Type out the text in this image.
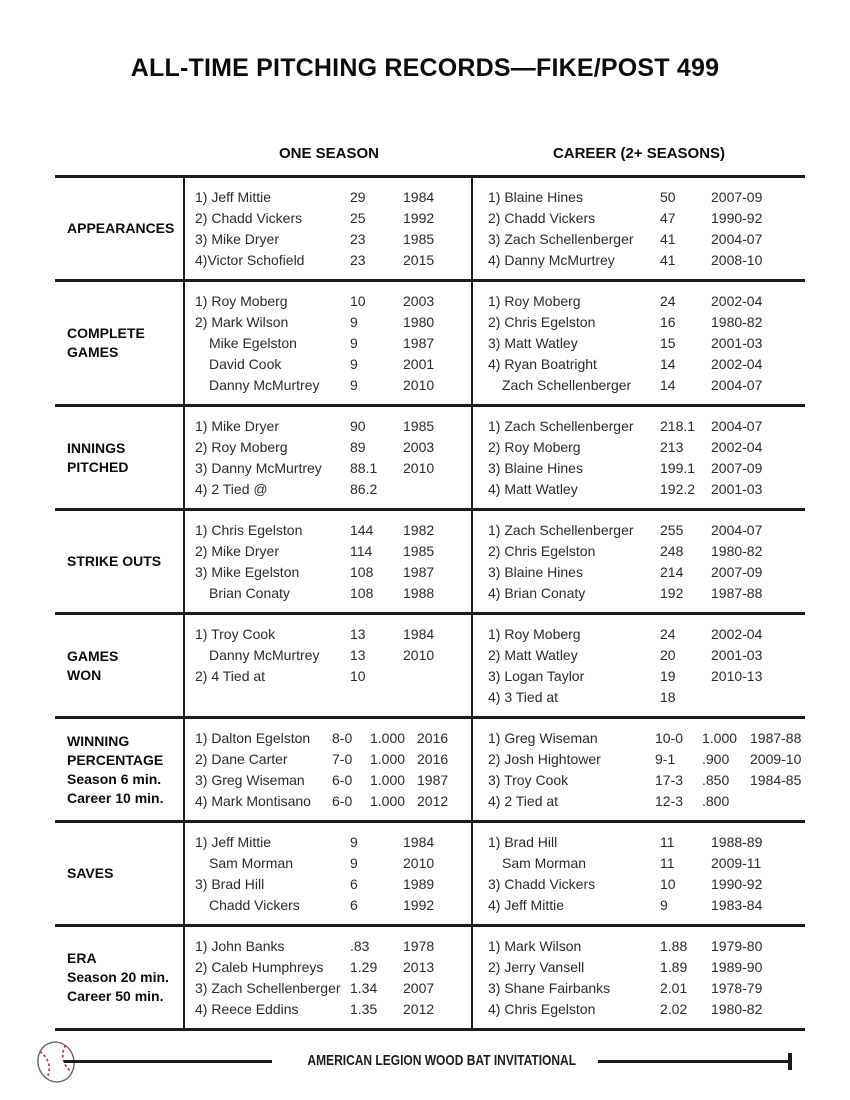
ALL-TIME PITCHING RECORDS—FIKE/POST 499
ONE SEASON	CAREER (2+ SEASONS)
APPEARANCES
1) Jeff Mittie	29	1984
2) Chadd Vickers	25	1992
3) Mike Dryer	23	1985
4)Victor Schofield	23	2015
1) Blaine Hines	50	2007-09
2) Chadd Vickers	47	1990-92
3) Zach Schellenberger	41	2004-07
4) Danny McMurtrey	41	2008-10
COMPLETE
GAMES
1) Roy Moberg	10	2003
2) Mark Wilson	9	1980
Mike Egelston	9	1987
David Cook	9	2001
Danny McMurtrey	9	2010
1) Roy Moberg	24	2002-04
2) Chris Egelston	16	1980-82
3) Matt Watley	15	2001-03
4) Ryan Boatright	14	2002-04
Zach Schellenberger	14	2004-07
INNINGS
PITCHED
1) Mike Dryer	90	1985
2) Roy Moberg	89	2003
3) Danny McMurtrey	88.1	2010
4) 2 Tied @	86.2
1) Zach Schellenberger	218.1	2004-07
2) Roy Moberg	213	2002-04
3) Blaine Hines	199.1	2007-09
4) Matt Watley	192.2	2001-03
STRIKE OUTS
1) Chris Egelston	144	1982
2) Mike Dryer	114	1985
3) Mike Egelston	108	1987
Brian Conaty	108	1988
1) Zach Schellenberger	255	2004-07
2) Chris Egelston	248	1980-82
3) Blaine Hines	214	2007-09
4) Brian Conaty	192	1987-88
GAMES
WON
1) Troy Cook	13	1984
Danny McMurtrey	13	2010
2) 4 Tied at	10
1) Roy Moberg	24	2002-04
2) Matt Watley	20	2001-03
3) Logan Taylor	19	2010-13
4) 3 Tied at	18
WINNING
PERCENTAGE
Season 6 min.
Career 10 min.
1) Dalton Egelston	8-0	1.000 2016
2) Dane Carter	7-0	1.000 2016
3) Greg Wiseman	6-0	1.000 1987
4) Mark Montisano	6-0	1.000 2012
1) Greg Wiseman	10-0	1.000 1987-88
2) Josh Hightower	9-1	.900	2009-10
3) Troy Cook	17-3	.850	1984-85
4) 2 Tied at	12-3	.800
SAVES
1) Jeff Mittie	9	1984
Sam Morman	9	2010
3) Brad Hill	6	1989
Chadd Vickers	6	1992
1) Brad Hill	11	1988-89
Sam Morman	11	2009-11
3) Chadd Vickers	10	1990-92
4) Jeff Mittie	9	1983-84
ERA
Season 20 min.
Career 50 min.
1) John Banks	.83	1978
2) Caleb Humphreys	1.29	2013
3) Zach Schellenberger 1.34	2007
4) Reece Eddins	1.35	2012
1) Mark Wilson	1.88	1979-80
2) Jerry Vansell	1.89	1989-90
3) Shane Fairbanks	2.01	1978-79
4) Chris Egelston	2.02	1980-82
AMERICAN LEGION WOOD BAT INVITATIONAL
